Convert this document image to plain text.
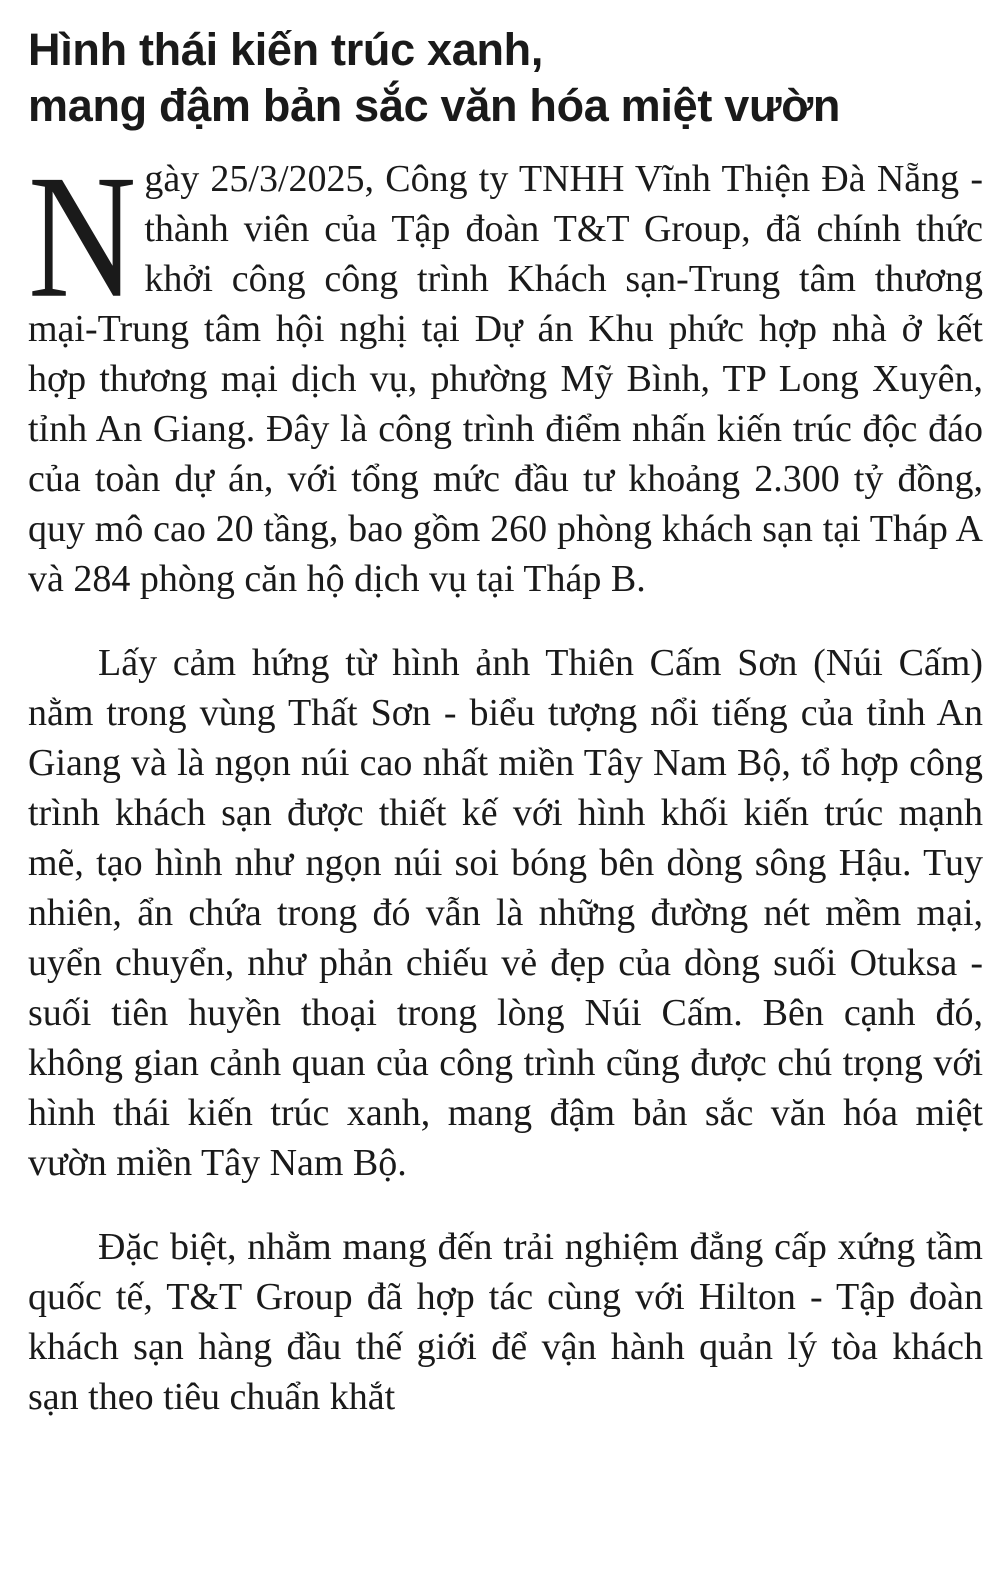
Hình thái kiến trúc xanh,
mang đậm bản sắc văn hóa miệt vườn

Ngày 25/3/2025, Công ty TNHH Vĩnh Thiện Đà Nẵng - thành viên của Tập đoàn T&T Group, đã chính thức khởi công công trình Khách sạn-Trung tâm thương mại-Trung tâm hội nghị tại Dự án Khu phức hợp nhà ở kết hợp thương mại dịch vụ, phường Mỹ Bình, TP Long Xuyên, tỉnh An Giang. Đây là công trình điểm nhấn kiến trúc độc đáo của toàn dự án, với tổng mức đầu tư khoảng 2.300 tỷ đồng, quy mô cao 20 tầng, bao gồm 260 phòng khách sạn tại Tháp A và 284 phòng căn hộ dịch vụ tại Tháp B.

Lấy cảm hứng từ hình ảnh Thiên Cấm Sơn (Núi Cấm) nằm trong vùng Thất Sơn - biểu tượng nổi tiếng của tỉnh An Giang và là ngọn núi cao nhất miền Tây Nam Bộ, tổ hợp công trình khách sạn được thiết kế với hình khối kiến trúc mạnh mẽ, tạo hình như ngọn núi soi bóng bên dòng sông Hậu. Tuy nhiên, ẩn chứa trong đó vẫn là những đường nét mềm mại, uyển chuyển, như phản chiếu vẻ đẹp của dòng suối Otuksa - suối tiên huyền thoại trong lòng Núi Cấm. Bên cạnh đó, không gian cảnh quan của công trình cũng được chú trọng với hình thái kiến trúc xanh, mang đậm bản sắc văn hóa miệt vườn miền Tây Nam Bộ.

Đặc biệt, nhằm mang đến trải nghiệm đẳng cấp xứng tầm quốc tế, T&T Group đã hợp tác cùng với Hilton - Tập đoàn khách sạn hàng đầu thế giới để vận hành quản lý tòa khách sạn theo tiêu chuẩn khắt
